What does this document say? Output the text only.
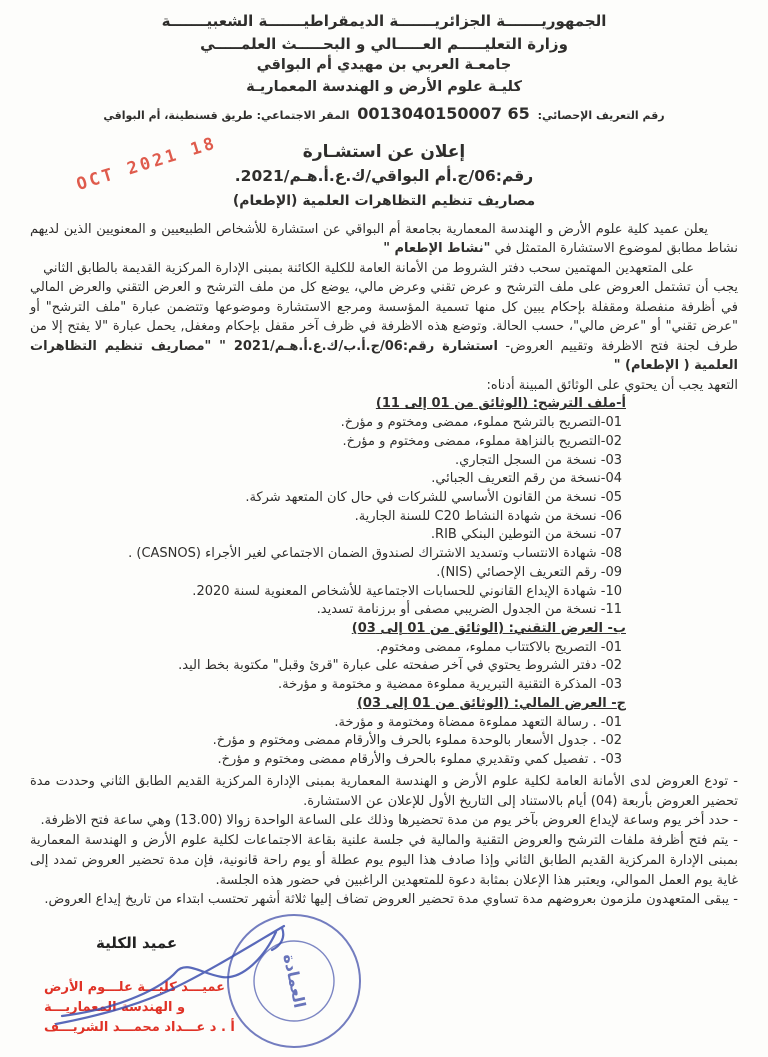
الجمهوريـــــــة الجزائريـــــــة الديمقراطيـــــــة الشعبيـــــــة
وزارة التعليـــــم العـــــالي و البحـــــث العلمـــــي
جامعـة العربي بن مهيدي أم البواقي
كليـة علوم الأرض و الهندسة المعماريـة
رقم التعريف الإحصائي: 0013040150007 65 المقر الاجتماعي: طريق قسنطينة، أم البواقي
إعلان عن استشـارة
رقم:06/ج.أم البواقي/ك.ع.أ.هـم/2021.
مصاريف تنظيم التظاهرات العلمية (الإطعام)

يعلن عميد كلية علوم الأرض و الهندسة المعمارية بجامعة أم البواقي عن استشارة للأشخاص الطبيعيين و المعنويين الذين لديهم نشاط مطابق لموضوع الاستشارة المتمثل في "نشاط الإطعام "

على المتعهدين المهتمين سحب دفتر الشروط من الأمانة العامة للكلية الكائنة بمبنى الإدارة المركزية القديمة بالطابق الثاني

يجب أن تشتمل العروض على ملف الترشح و عرض تقني وعرض مالي، يوضع كل من ملف الترشح و العرض التقني والعرض المالي في أظرفة منفصلة ومقفلة بإحكام يبين كل منها تسمية المؤسسة ومرجع الاستشارة وموضوعها وتتضمن عبارة "ملف الترشح" أو "عرض تقني" أو "عرض مالي"، حسب الحالة. وتوضع هذه الاظرفة في ظرف آخر مقفل بإحكام ومغفل, يحمل عبارة "لا يفتح إلا من طرف لجنة فتح الاظرفة وتقييم العروض- استشارة رقم:06/ج.أ.ب/ك.ع.أ.هـم/2021 " "مصاريف تنظيم التظاهرات العلمية ( الإطعام) "

التعهد يجب أن يحتوي على الوثائق المبينة أدناه:

أ-ملف الترشح: (الوثائق من 01 إلى 11)

01-التصريح بالترشح مملوء، ممضى ومختوم و مؤرخ.

02-التصريح بالنزاهة مملوء، ممضى ومختوم و مؤرخ.

03- نسخة من السجل التجاري.

04-نسخة من رقم التعريف الجبائي.

05- نسخة من القانون الأساسي للشركات في حال كان المتعهد شركة.

06- نسخة من شهادة النشاط C20 للسنة الجارية.

07- نسخة من التوطين البنكي RIB.

08- شهادة الانتساب وتسديد الاشتراك لصندوق الضمان الاجتماعي لغير الأجراء (CASNOS) .

09- رقم التعريف الإحصائي (NIS).

10- شهادة الإيداع القانوني للحسابات الاجتماعية للأشخاص المعنوية لسنة 2020.

11- نسخة من الجدول الضريبي مصفى أو برزنامة تسديد.

ب- العرض التقني: (الوثائق من 01 إلى 03)

01- التصريح بالاكتتاب مملوء، ممضى ومختوم.

02- دفتر الشروط يحتوي في آخر صفحته على عبارة "قرئ وقبل" مكتوبة بخط اليد.

03- المذكرة التقنية التبريرية مملوءة ممضية و مختومة و مؤرخة.

ج- العرض المالي: (الوثائق من 01 إلى 03)

01- . رسالة التعهد مملوءة ممضاة ومختومة و مؤرخة.

02- . جدول الأسعار بالوحدة مملوء بالحرف والأرقام ممضى ومختوم و مؤرخ.

03- . تفصيل كمي وتقديري مملوء بالحرف والأرقام ممضى ومختوم و مؤرخ.

- تودع العروض لدى الأمانة العامة لكلية علوم الأرض و الهندسة المعمارية بمبنى الإدارة المركزية القديم الطابق الثاني وحددت مدة تحضير العروض بأربعة (04) أيام بالاستناد إلى التاريخ الأول للإعلان عن الاستشارة.

- حدد أخر يوم وساعة لإيداع العروض بآخر يوم من مدة تحضيرها وذلك على الساعة الواحدة زوالا (13.00) وهي ساعة فتح الاظرفة.

- يتم فتح أظرفة ملفات الترشح والعروض التقنية والمالية في جلسة علنية بقاعة الاجتماعات لكلية علوم الأرض و الهندسة المعمارية بمبنى الإدارة المركزية القديم الطابق الثاني وإذا صادف هذا اليوم يوم عطلة أو يوم راحة قانونية، فإن مدة تحضير العروض تمدد إلى غاية يوم العمل الموالي، ويعتبر هذا الإعلان بمثابة دعوة للمتعهدين الراغبين في حضور هذه الجلسة.

- يبقى المتعهدون ملزمون بعروضهم مدة تساوي مدة تحضير العروض تضاف إليها ثلاثة أشهر تحتسب ابتداء من تاريخ إيداع العروض.

18 OCT 2021
عميد الكلية
عميـــد كليـــة علـــوم الأرض
و الهندسة المعماريـــة
أ . د عـــداد محمـــد الشريـــف
العمادة
